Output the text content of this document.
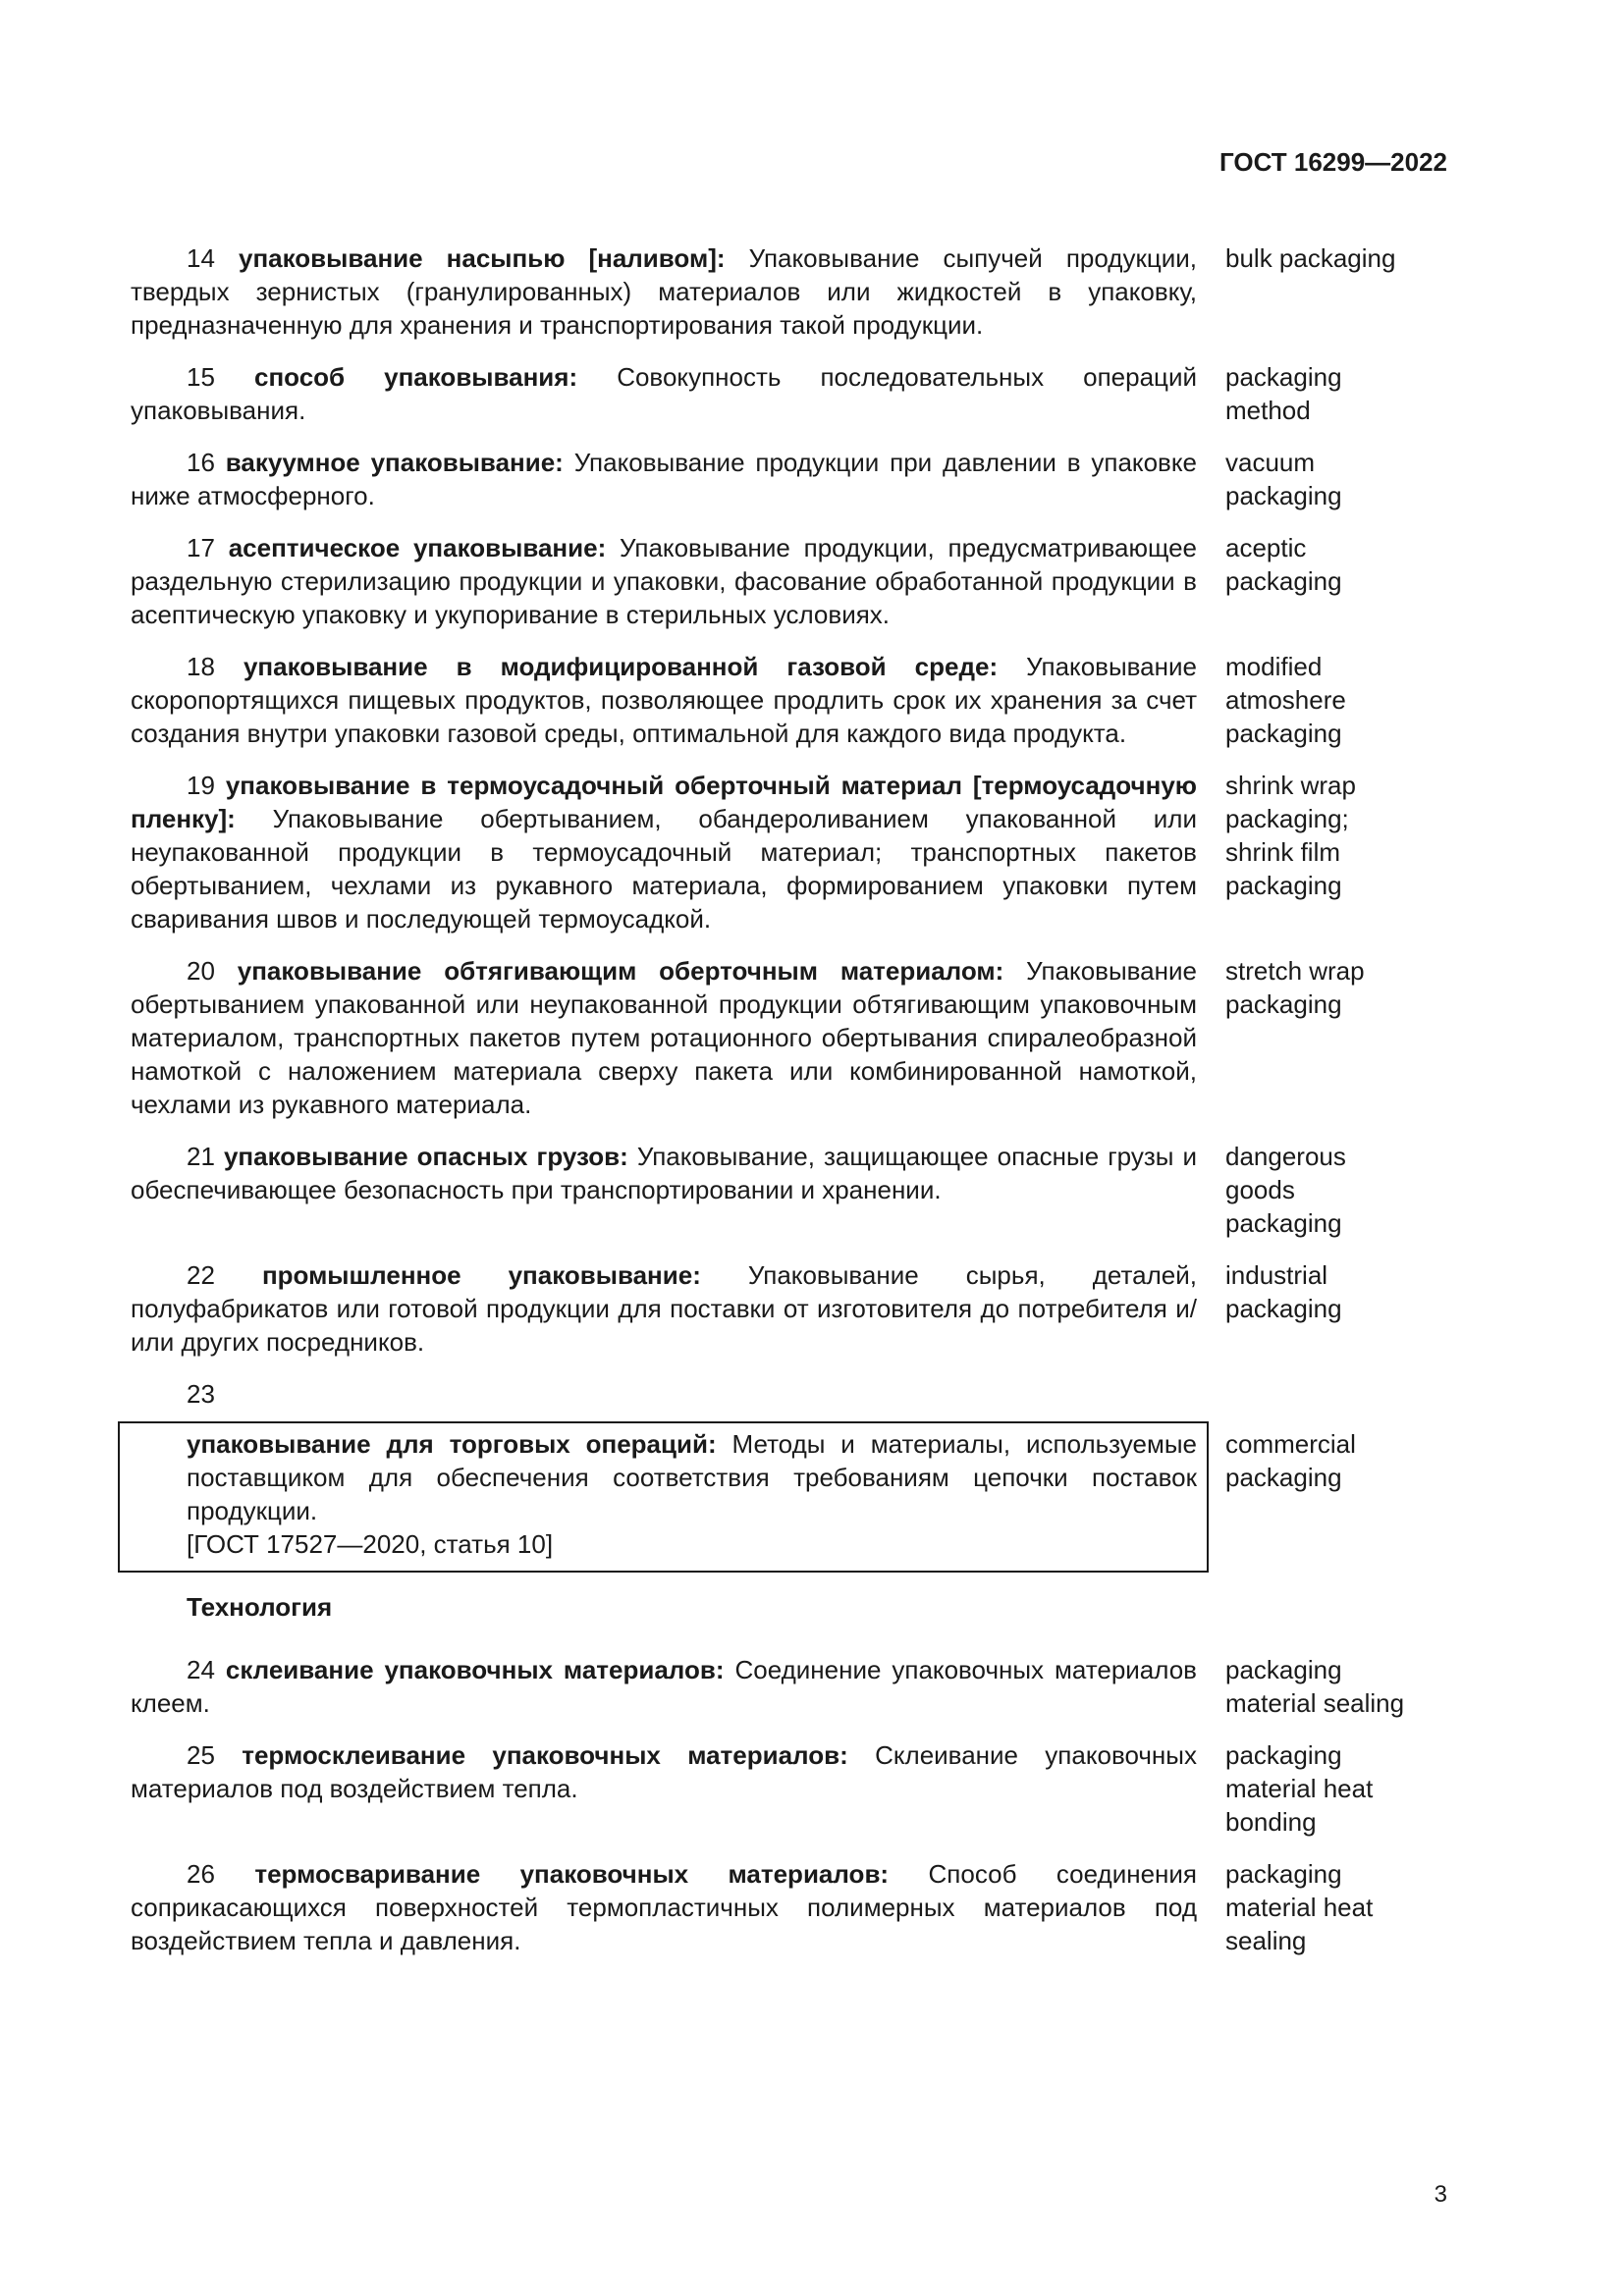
ГОСТ 16299—2022
14 упаковывание насыпью [наливом]: Упаковывание сыпучей продукции, твердых зернистых (гранулированных) материалов или жидкостей в упаковку, предназначенную для хранения и транспортирования такой продукции.
bulk packaging
15 способ упаковывания: Совокупность последовательных операций упаковывания.
packaging
method
16 вакуумное упаковывание: Упаковывание продукции при давлении в упаковке ниже атмосферного.
vacuum
packaging
17 асептическое упаковывание: Упаковывание продукции, предусматривающее раздельную стерилизацию продукции и упаковки, фасование обработанной продукции в асептическую упаковку и укупоривание в стерильных условиях.
aceptic
packaging
18 упаковывание в модифицированной газовой среде: Упаковывание скоропортящихся пищевых продуктов, позволяющее продлить срок их хранения за счет создания внутри упаковки газовой среды, оптимальной для каждого вида продукта.
modified
atmoshere
packaging
19 упаковывание в термоусадочный оберточный материал [термоусадочную пленку]: Упаковывание обертыванием, обандероливанием упакованной или неупакованной продукции в термоусадочный материал; транспортных пакетов обертыванием, чехлами из рукавного материала, формированием упаковки путем сваривания швов и последующей термоусадкой.
shrink wrap
packaging;
shrink film
packaging
20 упаковывание обтягивающим оберточным материалом: Упаковывание обертыванием упакованной или неупакованной продукции обтягивающим упаковочным материалом, транспортных пакетов путем ротационного обертывания спиралеобразной намоткой с наложением материала сверху пакета или комбинированной намоткой, чехлами из рукавного материала.
stretch wrap
packaging
21 упаковывание опасных грузов: Упаковывание, защищающее опасные грузы и обеспечивающее безопасность при транспортировании и хранении.
dangerous
goods
packaging
22 промышленное упаковывание: Упаковывание сырья, деталей, полуфабрикатов или готовой продукции для поставки от изготовителя до потребителя и/или других посредников.
industrial
packaging
23
упаковывание для торговых операций: Методы и материалы, используемые поставщиком для обеспечения соответствия требованиям цепочки поставок продукции.
[ГОСТ 17527—2020, статья 10]
commercial
packaging
Технология
24 склеивание упаковочных материалов: Соединение упаковочных материалов клеем.
packaging
material sealing
25 термосклеивание упаковочных материалов: Склеивание упаковочных материалов под воздействием тепла.
packaging
material heat
bonding
26 термосваривание упаковочных материалов: Способ соединения соприкасающихся поверхностей термопластичных полимерных материалов под воздействием тепла и давления.
packaging
material heat
sealing
3
